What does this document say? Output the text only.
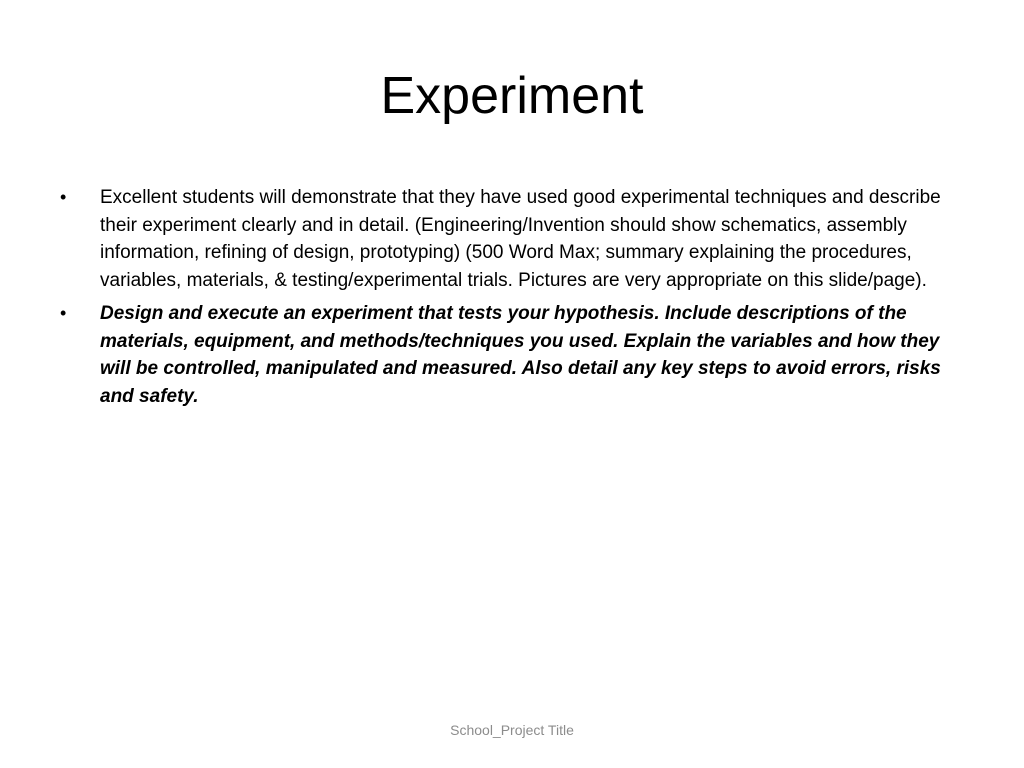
Experiment
•	Excellent students will demonstrate that they have used good experimental techniques and describe their experiment clearly and in detail. (Engineering/Invention should show schematics, assembly information, refining of design, prototyping) (500 Word Max; summary explaining the procedures, variables, materials, & testing/experimental trials. Pictures are very appropriate on this slide/page).
•	Design and execute an experiment that tests your hypothesis. Include descriptions of the materials, equipment, and methods/techniques you used. Explain the variables and how they will be controlled, manipulated and measured. Also detail any key steps to avoid errors, risks and safety.
School_Project Title
